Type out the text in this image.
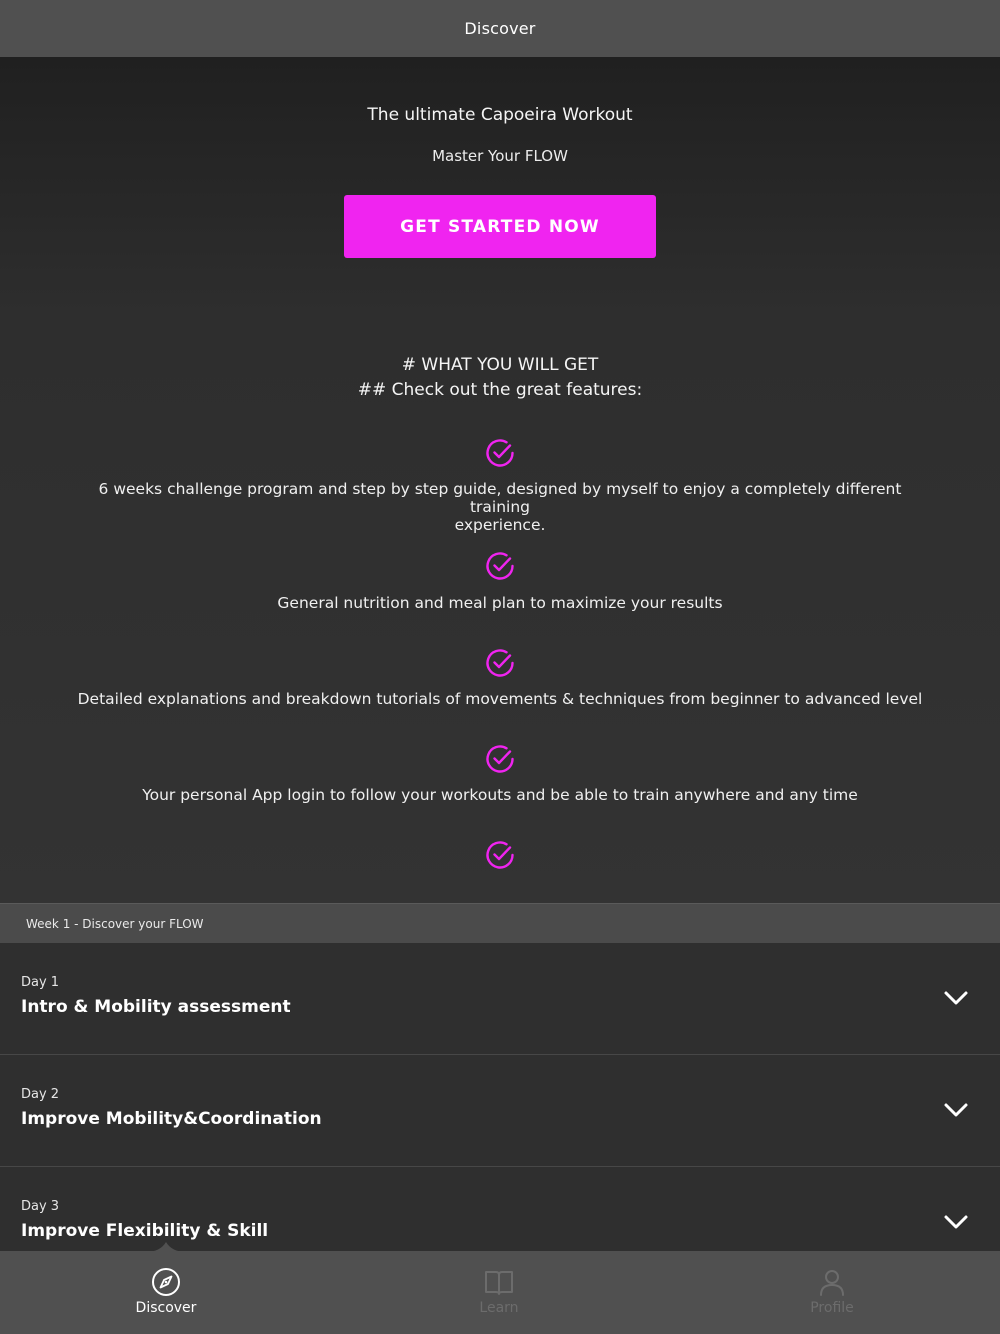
Discover
The ultimate Capoeira Workout
Master Your FLOW
GET STARTED NOW
# WHAT YOU WILL GET
## Check out the great features:
6 weeks challenge program and step by step guide, designed by myself to enjoy a completely different training
experience.
General nutrition and meal plan to maximize your results
Detailed explanations and breakdown tutorials of movements & techniques from beginner to advanced level
Your personal App login to follow your workouts and be able to train anywhere and any time
Week 1 - Discover your FLOW
Day 1
Intro & Mobility assessment
Day 2
Improve Mobility&Coordination
Day 3
Improve Flexibility & Skill
Discover	Learn	Profile
